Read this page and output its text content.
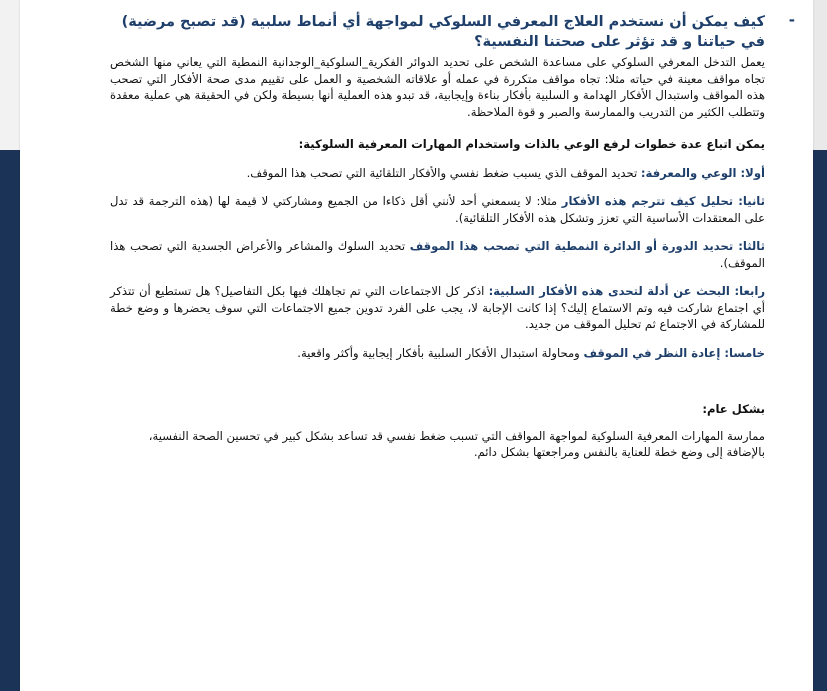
-

كيف يمكن أن نستخدم العلاج المعرفي السلوكي لمواجهة أي أنماط سلبية (قد تصبح مرضية) في حياتنا و قد تؤثر على صحتنا النفسية؟

يعمل التدخل المعرفي السلوكي على مساعدة الشخص على تحديد الدوائر الفكرية_السلوكية_الوجدانية النمطية التي يعاني منها الشخص تجاه مواقف معينة في حياته مثلا: تجاه مواقف متكررة في عمله أو علاقاته الشخصية و العمل على تقييم مدى صحة الأفكار التي تصحب هذه المواقف واستبدال الأفكار الهدامة و السلبية بأفكار بناءة وإيجابية، قد تبدو هذه العملية أنها بسيطة ولكن في الحقيقة هي عملية معقدة وتتطلب الكثير من التدريب والممارسة والصبر و قوة الملاحظة.

يمكن اتباع عدة خطوات لرفع الوعي بالذات واستخدام المهارات المعرفية السلوكية:

أولا: الوعي والمعرفة: تحديد الموقف الذي يسبب ضغط نفسي والأفكار التلقائية التي تصحب هذا الموقف.

ثانيا: تحليل كيف تترجم هذه الأفكار مثلا: لا يسمعني أحد لأنني أقل ذكاءا من الجميع ومشاركتي لا قيمة لها (هذه الترجمة قد تدل على المعتقدات الأساسية التي تعزز وتشكل هذه الأفكار التلقائية).

ثالثا: تحديد الدورة أو الدائرة النمطية التي تصحب هذا الموقف تحديد السلوك والمشاعر والأعراض الجسدية التي تصحب هذا الموقف).

رابعا: البحث عن أدلة لتحدى هذه الأفكار السلبية: اذكر كل الاجتماعات التي تم تجاهلك فيها بكل التفاصيل؟ هل تستطيع أن تتذكر أي اجتماع شاركت فيه وتم الاستماع إليك؟ إذا كانت الإجابة لا، يجب على الفرد تدوين جميع الاجتماعات التي سوف يحضرها و وضع خطة للمشاركة في الاجتماع ثم تحليل الموقف من جديد.

خامسا: إعادة النظر في الموقف ومحاولة استبدال الأفكار السلبية بأفكار إيجابية وأكثر واقعية.

بشكل عام:

ممارسة المهارات المعرفية السلوكية لمواجهة المواقف التي تسبب ضغط نفسي قد تساعد بشكل كبير في تحسين الصحة النفسية، بالإضافة إلى وضع خطة للعناية بالنفس ومراجعتها بشكل دائم.
